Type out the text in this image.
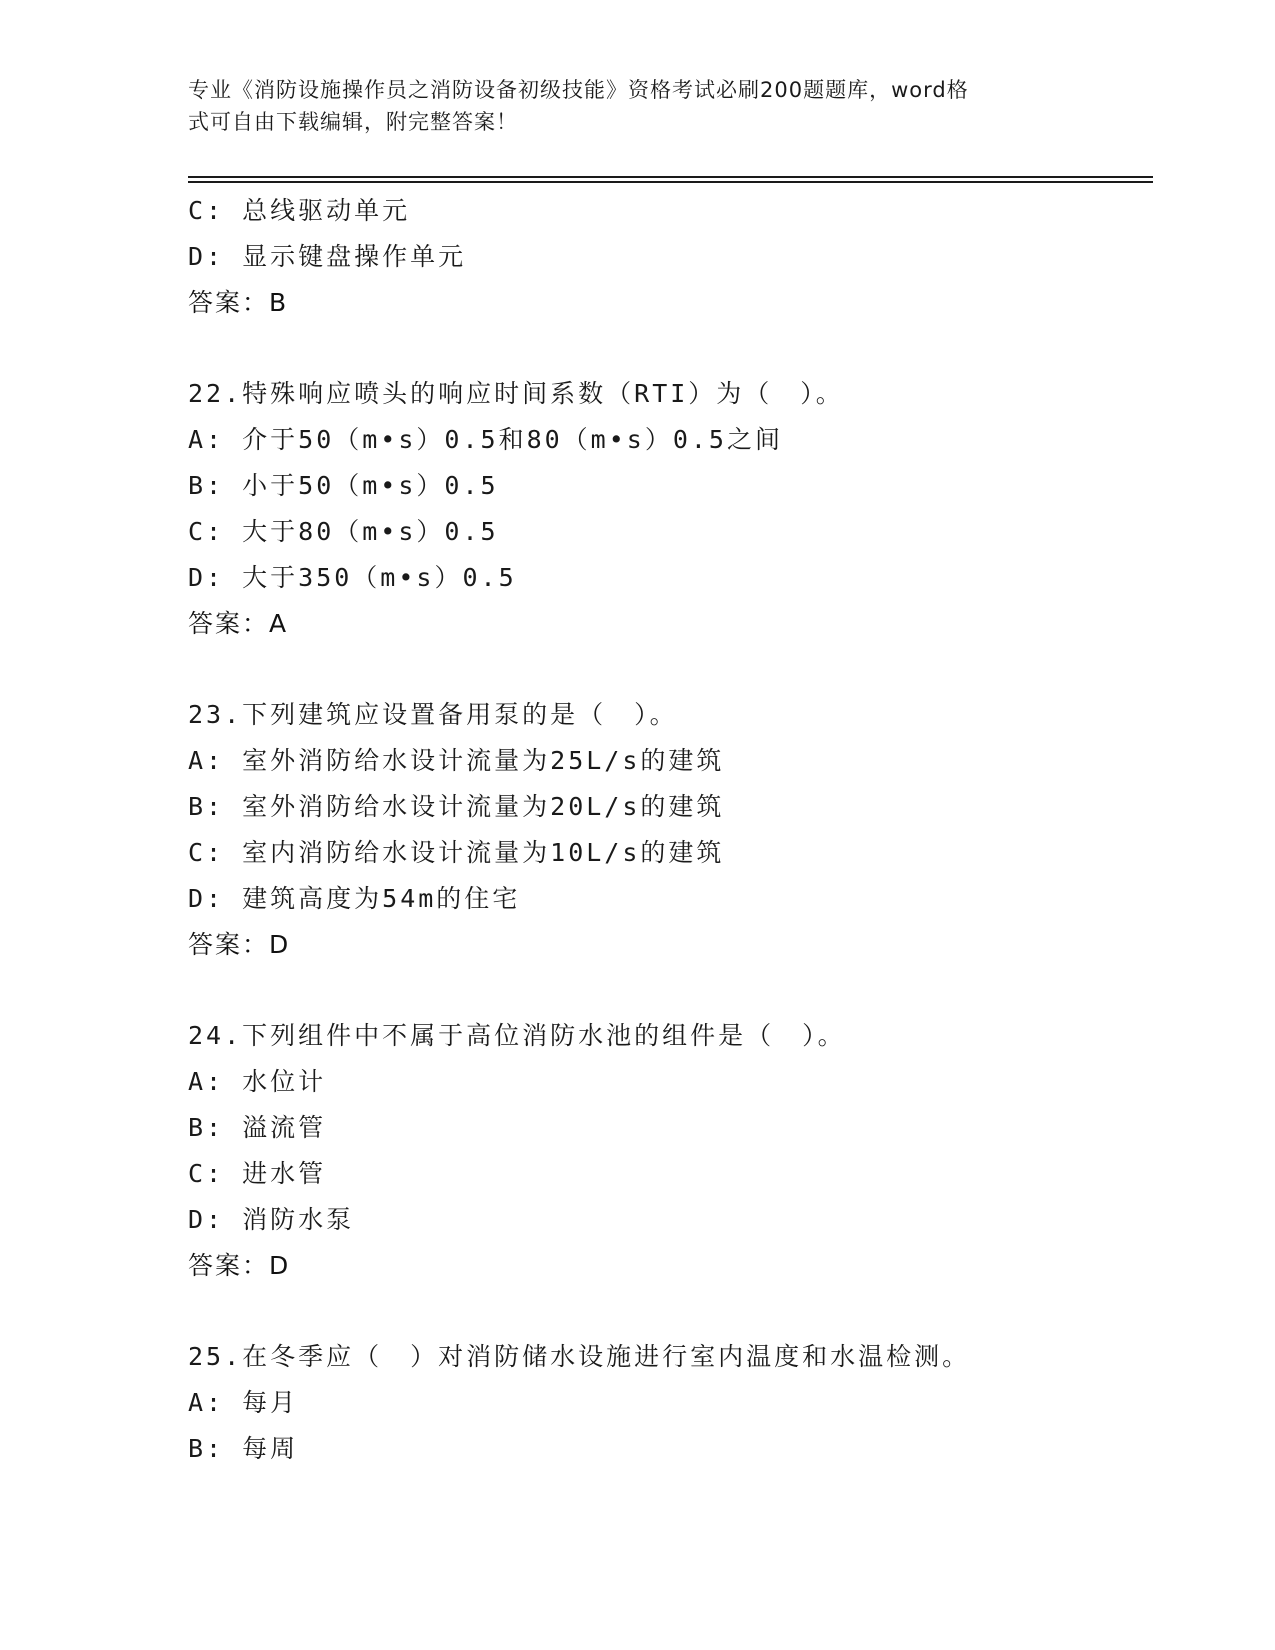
专业《消防设施操作员之消防设备初级技能》资格考试必刷200题题库，word格
式可自由下载编辑，附完整答案！
C: 总线驱动单元
D: 显示键盘操作单元
答案：B
22.特殊响应喷头的响应时间系数（RTI）为（　）。
A: 介于50（m•s）0.5和80（m•s）0.5之间
B: 小于50（m•s）0.5
C: 大于80（m•s）0.5
D: 大于350（m•s）0.5
答案：A
23.下列建筑应设置备用泵的是（　）。
A: 室外消防给水设计流量为25L/s的建筑
B: 室外消防给水设计流量为20L/s的建筑
C: 室内消防给水设计流量为10L/s的建筑
D: 建筑高度为54m的住宅
答案：D
24.下列组件中不属于高位消防水池的组件是（　）。
A: 水位计
B: 溢流管
C: 进水管
D: 消防水泵
答案：D
25.在冬季应（　）对消防储水设施进行室内温度和水温检测。
A: 每月
B: 每周
